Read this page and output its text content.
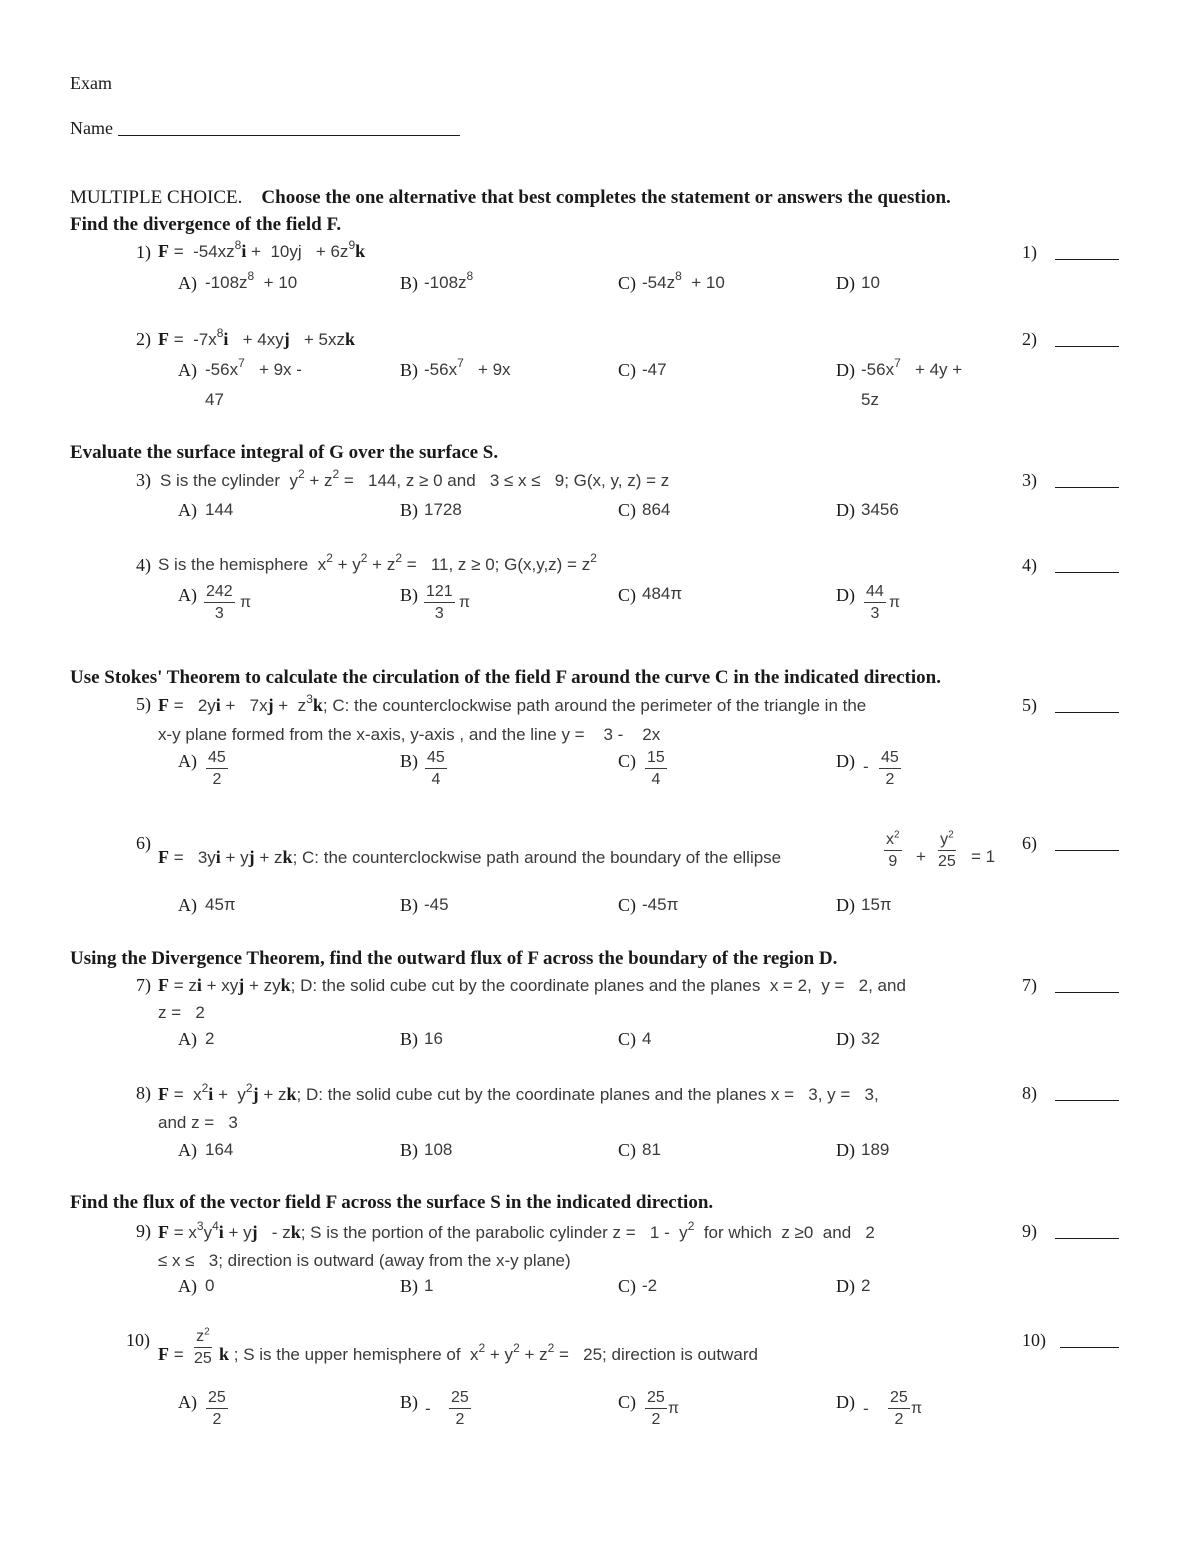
Exam
Name
MULTIPLE CHOICE. Choose the one alternative that best completes the statement or answers the question.
Find the divergence of the field F.
1)
2)
3)
4)
5)
6)
7)
8)
9)
10)
1) $F = -54xz^8i + 10yj + 6z^9k$
A) $-108z^8 + 10$	B) $-108z^8$	C) $-54z^8 + 10$	D) 10
2) $F = -7x^8i + 4xyj + 5xzk$
A) $-56x^7 + 9x$ -
47
B) $-56x^7 + 9x$	C) -47	D) $-56x^7 + 4y$ +
5z
Evaluate the surface integral of G over the surface S.
3) S is the cylinder  $y^2 + z^2 = 144$, z ≥ 0 and   3 ≤ x ≤   9; G(x, y, z) = z
A) 144	B) 1728	C) 864	D) 3456
4) S is the hemisphere  $x^2 + y^2 + z^2 = 11$, z ≥ 0; $G(x,y,z) = z^2$
$A) \frac{242}{3}$ π	$B) \frac{121}{3}$ π	C) 484π	$D) \frac{44}{3}$ π
Use Stokes' Theorem to calculate the circulation of the field F around the curve C in the indicated direction.
5) $F = 2yi + 7xj + z^3k$; C: the counterclockwise path around the perimeter of the triangle in the
x-y plane formed from the x-axis, y-axis , and the line y = 3 - 2x
$A) \frac{45}{2}$	$B) \frac{45}{4}$	$C) \frac{15}{4}$	$D) - \frac{45}{2}$
6)
F =   3yi + yj + zk; C: the counterclockwise path around the boundary of the ellipse	$\frac{x^2}{9} + \frac{y^2}{25} = 1$
A) 45π	B) -45	C) -45π	D) 15π
Using the Divergence Theorem, find the outward flux of F across the boundary of the region D.
7) F = zi + xyj + zyk; D: the solid cube cut by the coordinate planes and the planes x = 2, y = 2, and
z = 2
A) 2	B) 16	C) 4	D) 32
8) $F = x^2i + y^2j$ + zk; D: the solid cube cut by the coordinate planes and the planes x = 3, y = 3,
and z = 3
A) 164	B) 108	C) 81	D) 189
Find the flux of the vector field F across the surface S in the indicated direction.
9) $F = x^3y^4i$ + yj   - zk; S is the portion of the parabolic cylinder $z = 1 - y^2$ for which z ≥0 and 2
≤ x ≤ 3; direction is outward (away from the x-y plane)
A) 0	B) 1	C) -2	D) 2
10)
$F = \frac{z^2}{25}$ k ; S is the upper hemisphere of  $x^2 + y^2 + z^2 = 25$; direction is outward
$A) \frac{25}{2}$	$B) - \frac{25}{2}$	$C) \frac{25}{2}$ π	$D) - \frac{25}{2}$ π
